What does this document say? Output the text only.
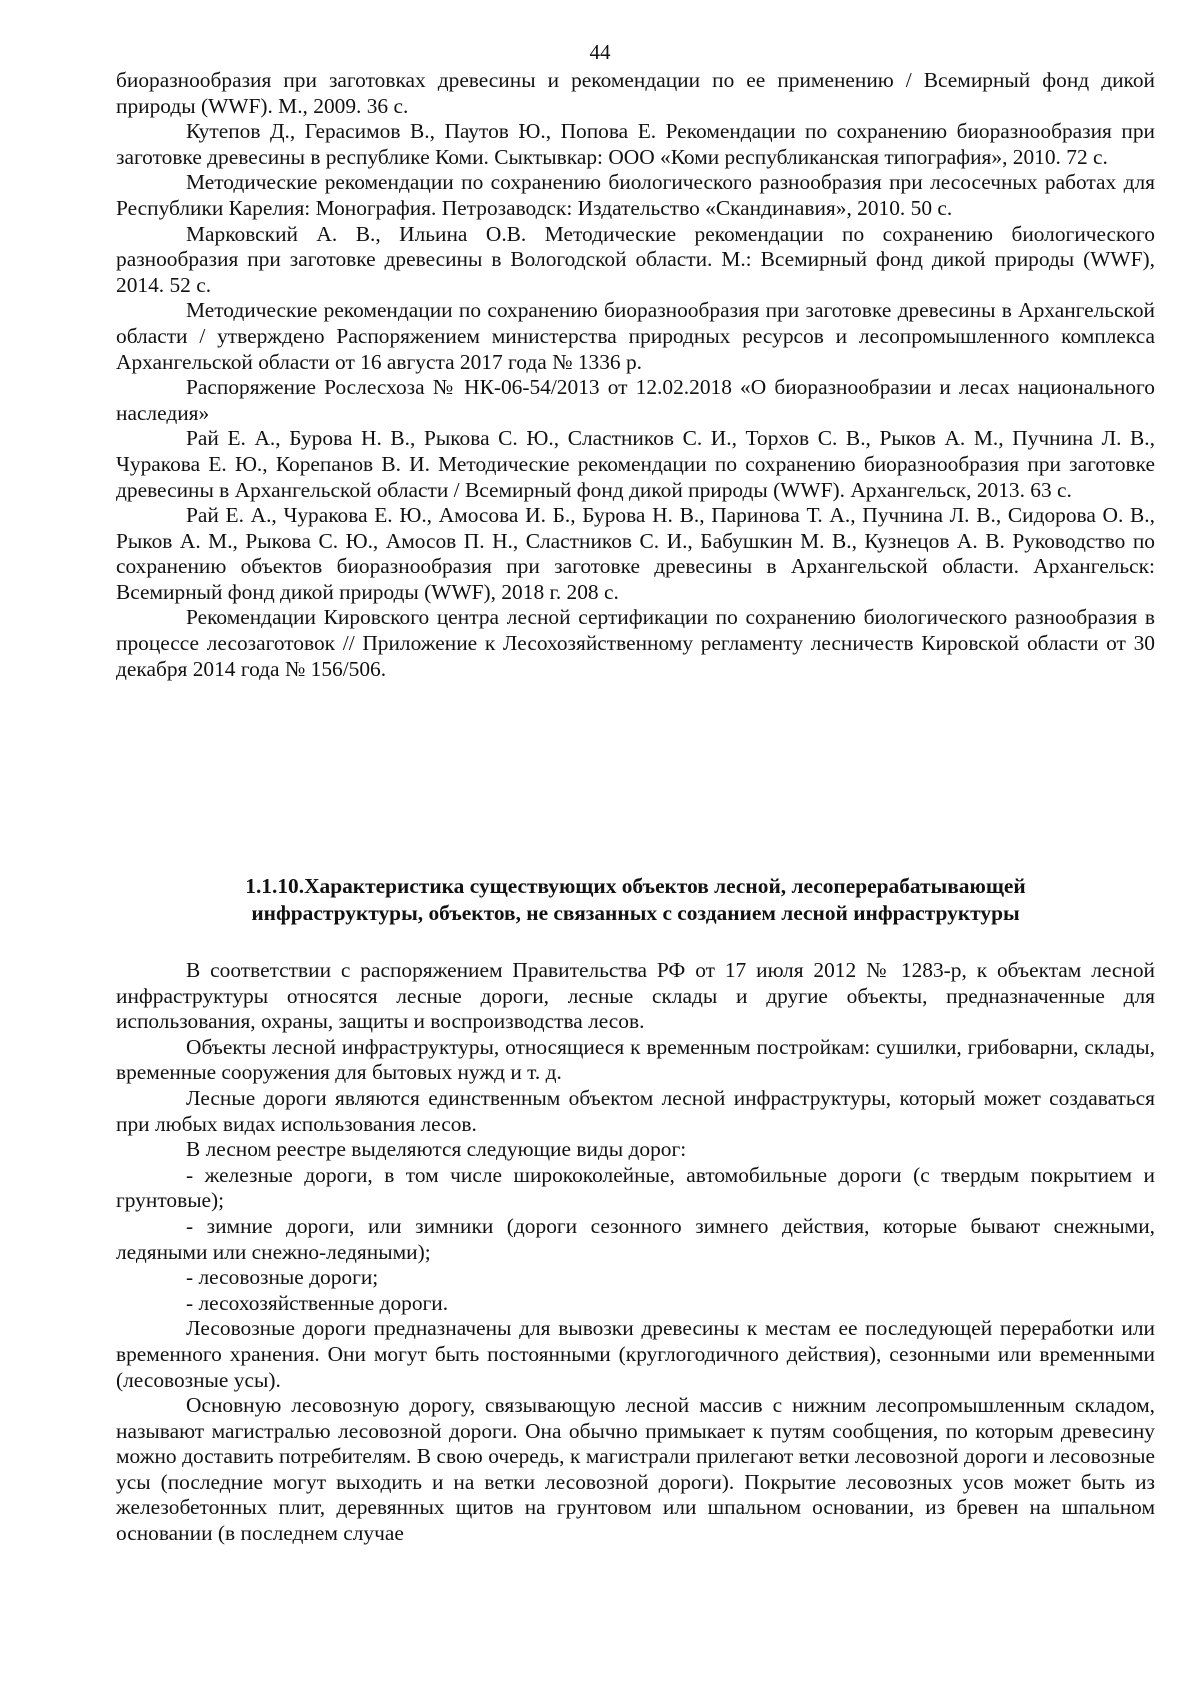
44

биоразнообразия при заготовках древесины и рекомендации по ее применению / Всемирный фонд дикой природы (WWF). М., 2009. 36 с.

Кутепов Д., Герасимов В., Паутов Ю., Попова Е. Рекомендации по сохранению биоразнообразия при заготовке древесины в республике Коми. Сыктывкар: ООО «Коми республиканская типография», 2010. 72 с.

Методические рекомендации по сохранению биологического разнообразия при лесосечных работах для Республики Карелия: Монография. Петрозаводск: Издательство «Скандинавия», 2010. 50 с.

Марковский А. В., Ильина О.В. Методические рекомендации по сохранению биологического разнообразия при заготовке древесины в Вологодской области. М.: Всемирный фонд дикой природы (WWF), 2014. 52 с.

Методические рекомендации по сохранению биоразнообразия при заготовке древесины в Архангельской области / утверждено Распоряжением министерства природных ресурсов и лесопромышленного комплекса Архангельской области от 16 августа 2017 года № 1336 р.

Распоряжение Рослесхоза № НК-06-54/2013 от 12.02.2018 «О биоразнообразии и лесах национального наследия»

Рай Е. А., Бурова Н. В., Рыкова С. Ю., Сластников С. И., Торхов С. В., Рыков А. М., Пучнина Л. В., Чуракова Е. Ю., Корепанов В. И. Методические рекомендации по сохранению биоразнообразия при заготовке древесины в Архангельской области / Всемирный фонд дикой природы (WWF). Архангельск, 2013. 63 с.

Рай Е. А., Чуракова Е. Ю., Амосова И. Б., Бурова Н. В., Паринова Т. А., Пучнина Л. В., Сидорова О. В., Рыков А. М., Рыкова С. Ю., Амосов П. Н., Сластников С. И., Бабушкин М. В., Кузнецов А. В. Руководство по сохранению объектов биоразнообразия при заготовке древесины в Архангельской области. Архангельск: Всемирный фонд дикой природы (WWF), 2018 г. 208 с.

Рекомендации Кировского центра лесной сертификации по сохранению биологического разнообразия в процессе лесозаготовок // Приложение к Лесохозяйственному регламенту лесничеств Кировской области от 30 декабря 2014 года № 156/506.

1.1.10.Характеристика существующих объектов лесной, лесоперерабатывающей
инфраструктуры, объектов, не связанных с созданием лесной инфраструктуры

В соответствии с распоряжением Правительства РФ от 17 июля 2012 № 1283-р, к объектам лесной инфраструктуры относятся лесные дороги, лесные склады и другие объекты, предназначенные для использования, охраны, защиты и воспроизводства лесов.

Объекты лесной инфраструктуры, относящиеся к временным постройкам: сушилки, грибоварни, склады, временные сооружения для бытовых нужд и т. д.

Лесные дороги являются единственным объектом лесной инфраструктуры, который может создаваться при любых видах использования лесов.

В лесном реестре выделяются следующие виды дорог:

- железные дороги, в том числе ширококолейные, автомобильные дороги (с твердым покрытием и грунтовые);

- зимние дороги, или зимники (дороги сезонного зимнего действия, которые бывают снежными, ледяными или снежно-ледяными);

- лесовозные дороги;

- лесохозяйственные дороги.

Лесовозные дороги предназначены для вывозки древесины к местам ее последующей переработки или временного хранения. Они могут быть постоянными (круглогодичного действия), сезонными или временными (лесовозные усы).

Основную лесовозную дорогу, связывающую лесной массив с нижним лесопромышленным складом, называют магистралью лесовозной дороги. Она обычно примыкает к путям сообщения, по которым древесину можно доставить потребителям. В свою очередь, к магистрали прилегают ветки лесовозной дороги и лесовозные усы (последние могут выходить и на ветки лесовозной дороги). Покрытие лесовозных усов может быть из железобетонных плит, деревянных щитов на грунтовом или шпальном основании, из бревен на шпальном основании (в последнем случае
